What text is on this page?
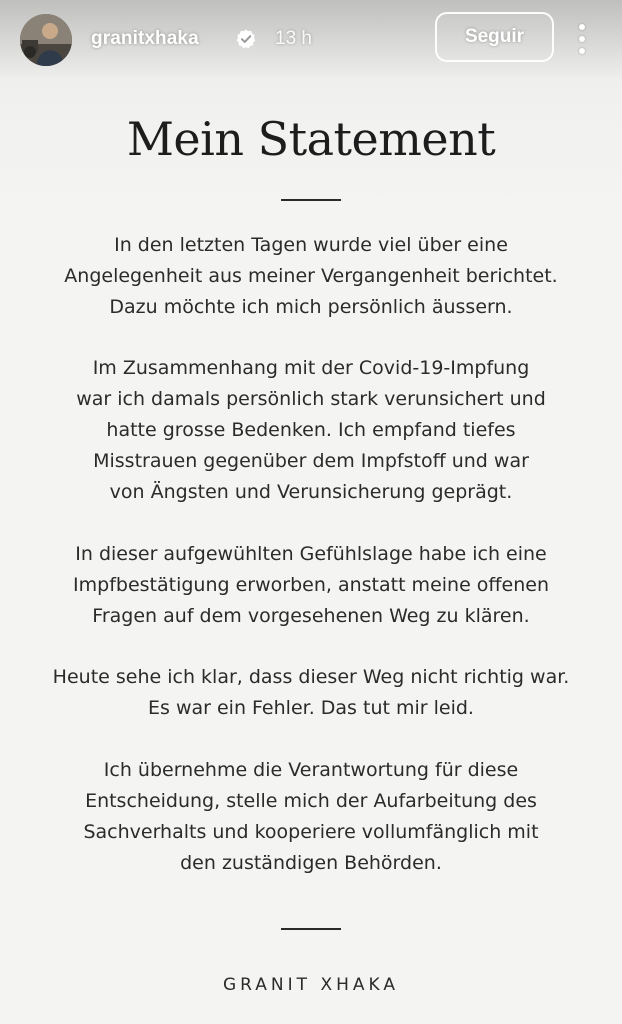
granitxhaka	13 h	Seguir
Mein Statement
In den letzten Tagen wurde viel über eine
Angelegenheit aus meiner Vergangenheit berichtet.
Dazu möchte ich mich persönlich äussern.
Im Zusammenhang mit der Covid-19-Impfung
war ich damals persönlich stark verunsichert und
hatte grosse Bedenken. Ich empfand tiefes
Misstrauen gegenüber dem Impfstoff und war
von Ängsten und Verunsicherung geprägt.
In dieser aufgewühlten Gefühlslage habe ich eine
Impfbestätigung erworben, anstatt meine offenen
Fragen auf dem vorgesehenen Weg zu klären.
Heute sehe ich klar, dass dieser Weg nicht richtig war.
Es war ein Fehler. Das tut mir leid.
Ich übernehme die Verantwortung für diese
Entscheidung, stelle mich der Aufarbeitung des
Sachverhalts und kooperiere vollumfänglich mit
den zuständigen Behörden.
GRANIT XHAKA
